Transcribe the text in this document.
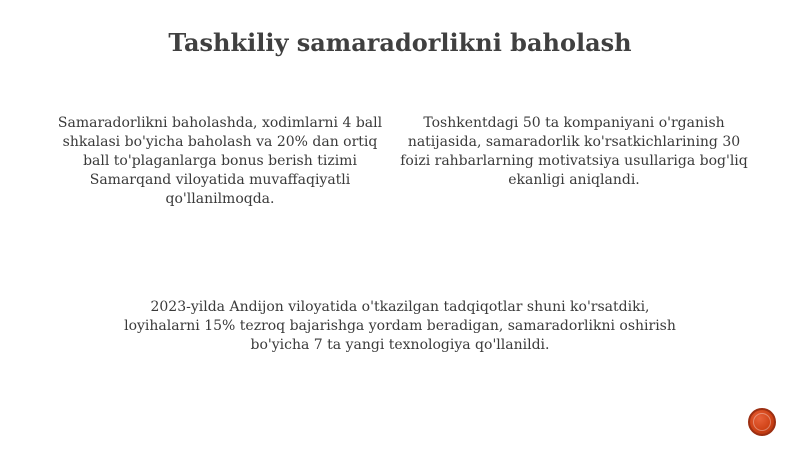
Tashkiliy samaradorlikni baholash

Samaradorlikni baholashda, xodimlarni 4 ball shkalasi bo'yicha baholash va 20% dan ortiq ball to'plaganlarga bonus berish tizimi Samarqand viloyatida muvaffaqiyatli qo'llanilmoqda.

Toshkentdagi 50 ta kompaniyani o'rganish natijasida, samaradorlik ko'rsatkichlarining 30 foizi rahbarlarning motivatsiya usullariga bog'liq ekanligi aniqlandi.

2023-yilda Andijon viloyatida o'tkazilgan tadqiqotlar shuni ko'rsatdiki, loyihalarni 15% tezroq bajarishga yordam beradigan, samaradorlikni oshirish bo'yicha 7 ta yangi texnologiya qo'llanildi.
